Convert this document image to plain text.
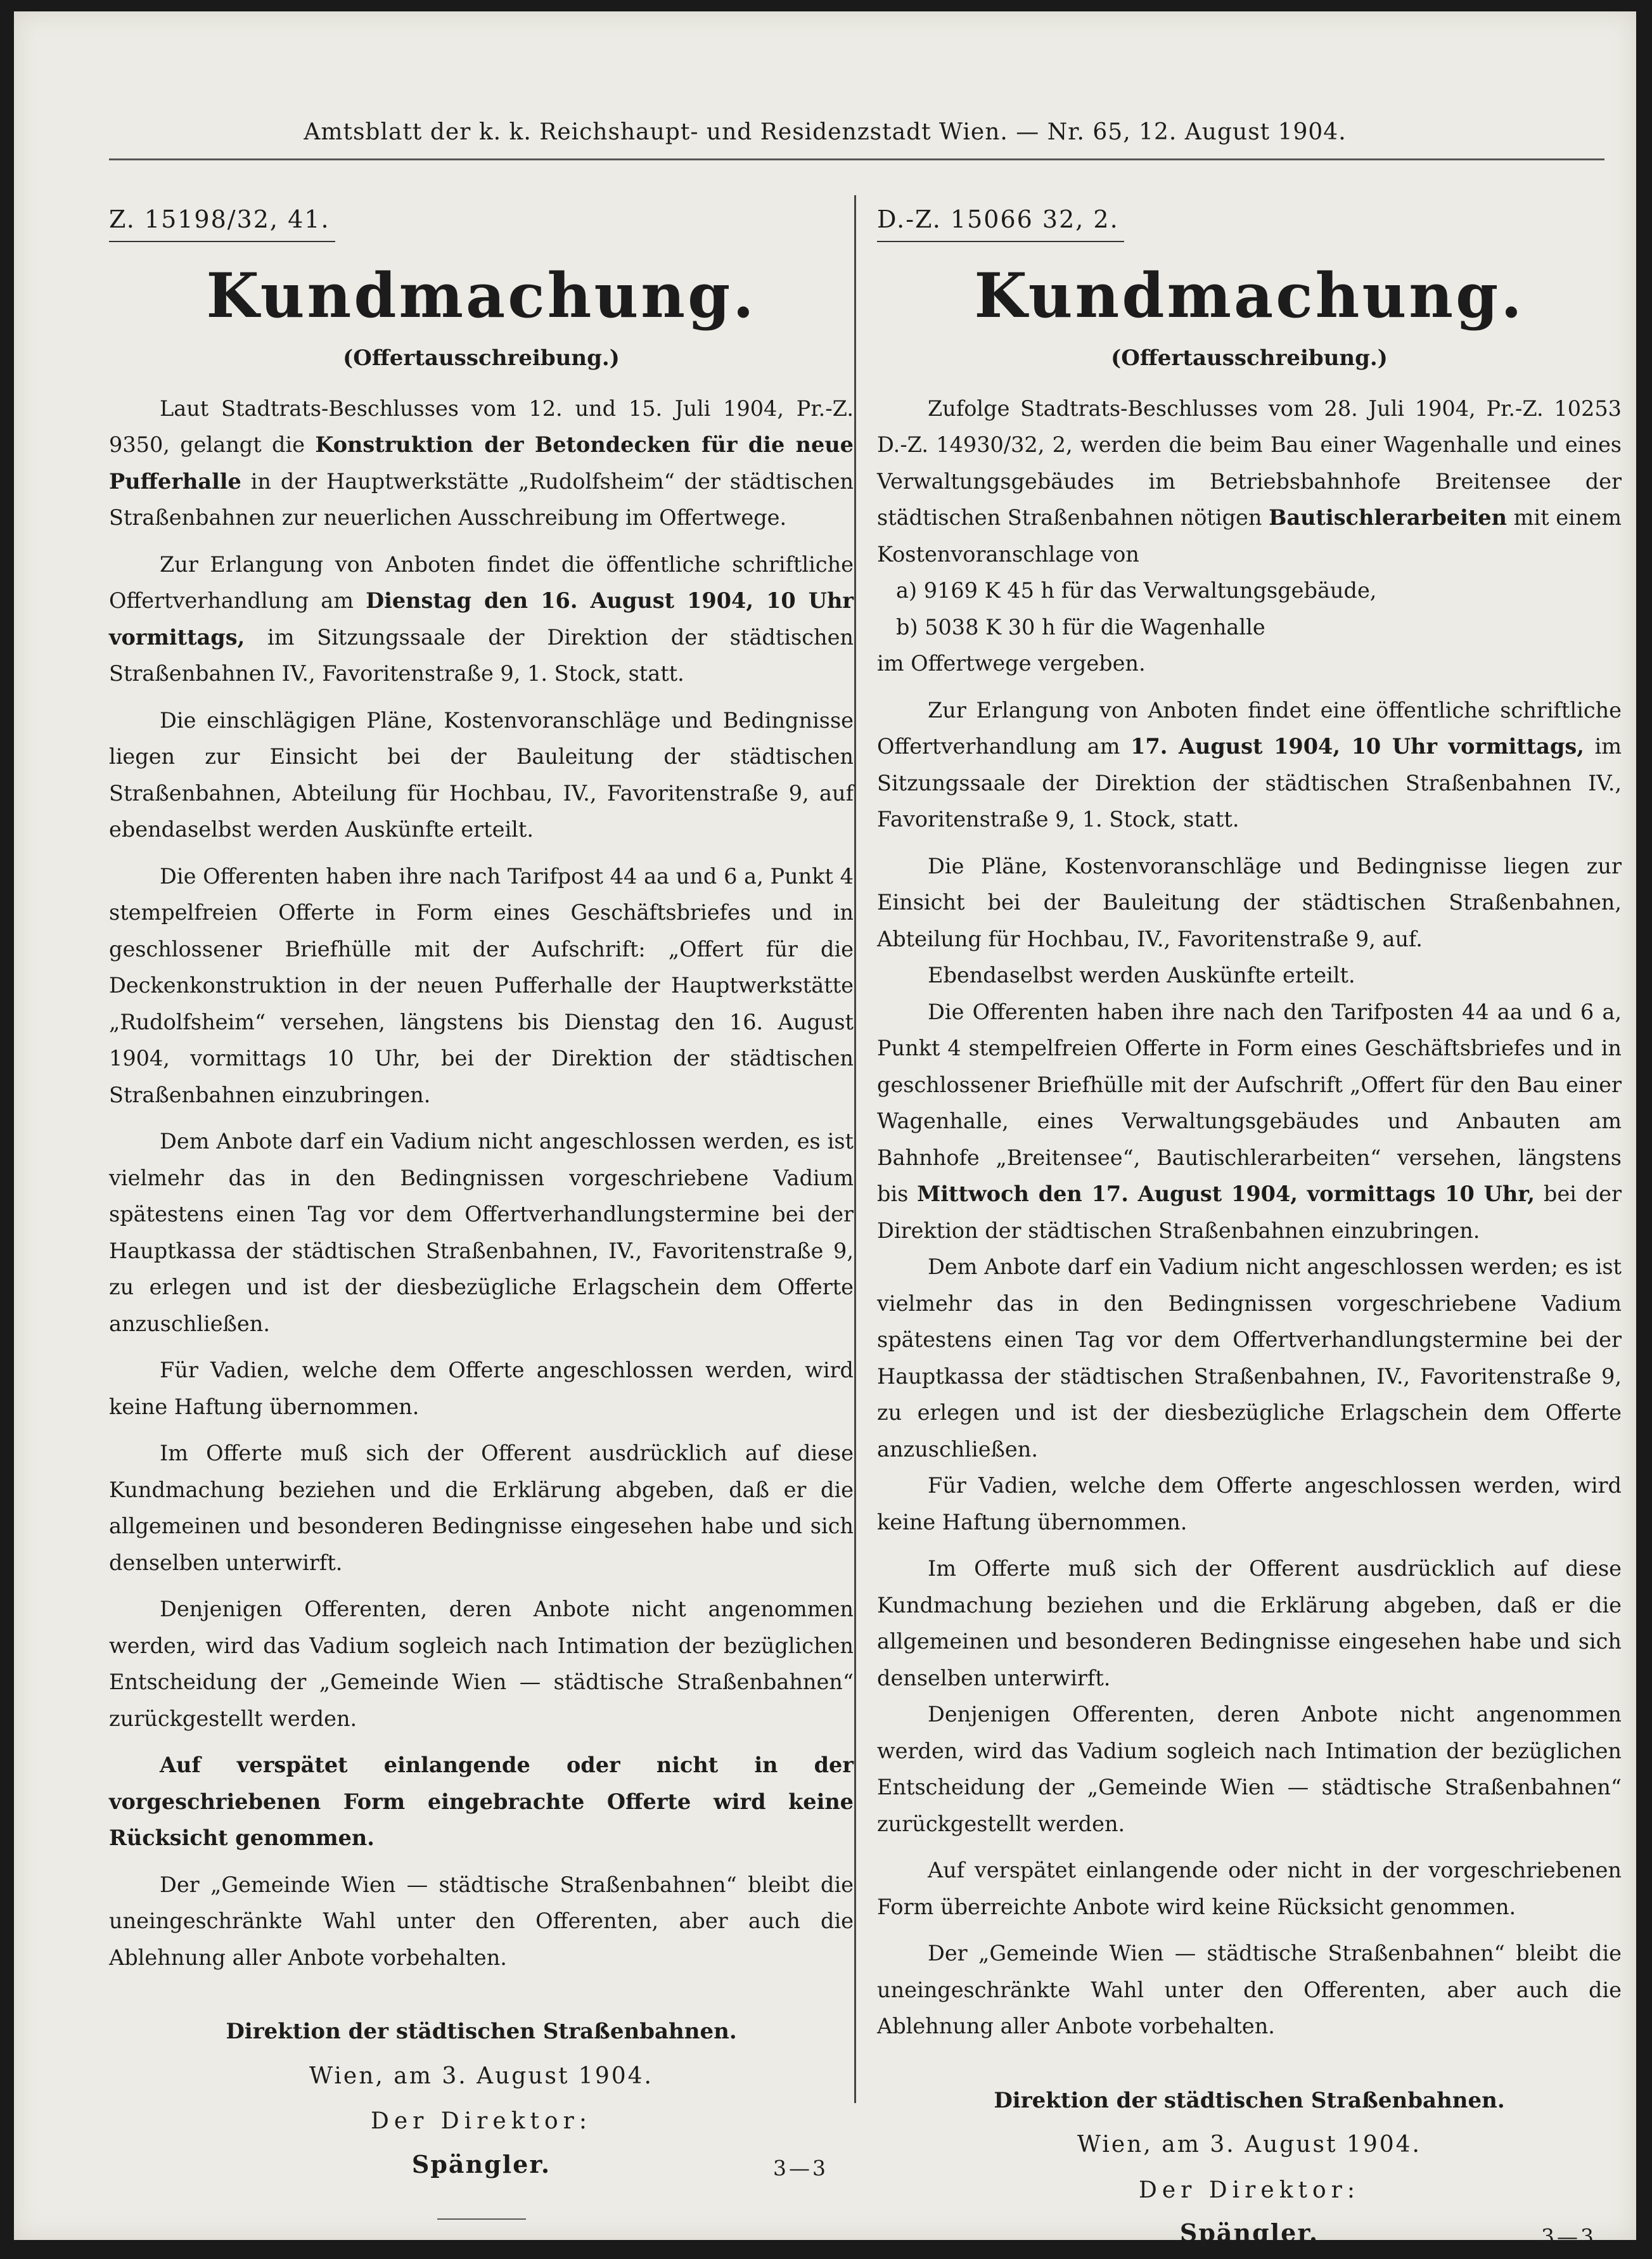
Amtsblatt der k. k. Reichshaupt- und Residenzstadt Wien. — Nr. 65, 12. August 1904.
Z. 15198/32, 41.
Kundmachung.
(Offertausschreibung.)

Laut Stadtrats-Beschlusses vom 12. und 15. Juli 1904, Pr.-Z. 9350, gelangt die Konstruktion der Betondecken für die neue Pufferhalle in der Hauptwerkstätte „Rudolfsheim“ der städtischen Straßenbahnen zur neuerlichen Ausschreibung im Offertwege.

Zur Erlangung von Anboten findet die öffentliche schriftliche Offertverhandlung am Dienstag den 16. August 1904, 10 Uhr vormittags, im Sitzungssaale der Direktion der städtischen Straßenbahnen IV., Favoritenstraße 9, 1. Stock, statt.

Die einschlägigen Pläne, Kostenvoranschläge und Bedingnisse liegen zur Einsicht bei der Bauleitung der städtischen Straßenbahnen, Abteilung für Hochbau, IV., Favoritenstraße 9, auf ebendaselbst werden Auskünfte erteilt.

Die Offerenten haben ihre nach Tarifpost 44 aa und 6 a, Punkt 4 stempelfreien Offerte in Form eines Geschäftsbriefes und in geschlossener Briefhülle mit der Aufschrift: „Offert für die Deckenkonstruktion in der neuen Pufferhalle der Hauptwerkstätte „Rudolfsheim“ versehen, längstens bis Dienstag den 16. August 1904, vormittags 10 Uhr, bei der Direktion der städtischen Straßenbahnen einzubringen.

Dem Anbote darf ein Vadium nicht angeschlossen werden, es ist vielmehr das in den Bedingnissen vorgeschriebene Vadium spätestens einen Tag vor dem Offertverhandlungstermine bei der Hauptkassa der städtischen Straßenbahnen, IV., Favoritenstraße 9, zu erlegen und ist der diesbezügliche Erlagschein dem Offerte anzuschließen.

Für Vadien, welche dem Offerte angeschlossen werden, wird keine Haftung übernommen.

Im Offerte muß sich der Offerent ausdrücklich auf diese Kundmachung beziehen und die Erklärung abgeben, daß er die allgemeinen und besonderen Bedingnisse eingesehen habe und sich denselben unterwirft.

Denjenigen Offerenten, deren Anbote nicht angenommen werden, wird das Vadium sogleich nach Intimation der bezüglichen Entscheidung der „Gemeinde Wien — städtische Straßenbahnen“ zurückgestellt werden.

Auf verspätet einlangende oder nicht in der vorgeschriebenen Form eingebrachte Offerte wird keine Rücksicht genommen.

Der „Gemeinde Wien — städtische Straßenbahnen“ bleibt die uneingeschränkte Wahl unter den Offerenten, aber auch die Ablehnung aller Anbote vorbehalten.

Direktion der städtischen Straßenbahnen.
Wien, am 3. August 1904.
Der Direktor:
Spängler.	3—3
D.-Z. 15066 32, 2.
Kundmachung.
(Offertausschreibung.)

Zufolge Stadtrats-Beschlusses vom 28. Juli 1904, Pr.-Z. 10253 D.-Z. 14930/32, 2, werden die beim Bau einer Wagenhalle und eines Verwaltungsgebäudes im Betriebsbahnhofe Breitensee der städtischen Straßenbahnen nötigen Bautischlerarbeiten mit einem Kostenvoranschlage von

a) 9169 K 45 h für das Verwaltungsgebäude,

b) 5038 K 30 h für die Wagenhalle

im Offertwege vergeben.

Zur Erlangung von Anboten findet eine öffentliche schriftliche Offertverhandlung am 17. August 1904, 10 Uhr vormittags, im Sitzungssaale der Direktion der städtischen Straßenbahnen IV., Favoritenstraße 9, 1. Stock, statt.

Die Pläne, Kostenvoranschläge und Bedingnisse liegen zur Einsicht bei der Bauleitung der städtischen Straßenbahnen, Abteilung für Hochbau, IV., Favoritenstraße 9, auf.

Ebendaselbst werden Auskünfte erteilt.

Die Offerenten haben ihre nach den Tarifposten 44 aa und 6 a, Punkt 4 stempelfreien Offerte in Form eines Geschäftsbriefes und in geschlossener Briefhülle mit der Aufschrift „Offert für den Bau einer Wagenhalle, eines Verwaltungsgebäudes und Anbauten am Bahnhofe „Breitensee“, Bautischlerarbeiten“ versehen, längstens bis Mittwoch den 17. August 1904, vormittags 10 Uhr, bei der Direktion der städtischen Straßenbahnen einzubringen.

Dem Anbote darf ein Vadium nicht angeschlossen werden; es ist vielmehr das in den Bedingnissen vorgeschriebene Vadium spätestens einen Tag vor dem Offertverhandlungstermine bei der Hauptkassa der städtischen Straßenbahnen, IV., Favoritenstraße 9, zu erlegen und ist der diesbezügliche Erlagschein dem Offerte anzuschließen.

Für Vadien, welche dem Offerte angeschlossen werden, wird keine Haftung übernommen.

Im Offerte muß sich der Offerent ausdrücklich auf diese Kundmachung beziehen und die Erklärung abgeben, daß er die allgemeinen und besonderen Bedingnisse eingesehen habe und sich denselben unterwirft.

Denjenigen Offerenten, deren Anbote nicht angenommen werden, wird das Vadium sogleich nach Intimation der bezüglichen Entscheidung der „Gemeinde Wien — städtische Straßenbahnen“ zurückgestellt werden.

Auf verspätet einlangende oder nicht in der vorgeschriebenen Form überreichte Anbote wird keine Rücksicht genommen.

Der „Gemeinde Wien — städtische Straßenbahnen“ bleibt die uneingeschränkte Wahl unter den Offerenten, aber auch die Ablehnung aller Anbote vorbehalten.

Direktion der städtischen Straßenbahnen.
Wien, am 3. August 1904.
Der Direktor:
Spängler.	3—3
